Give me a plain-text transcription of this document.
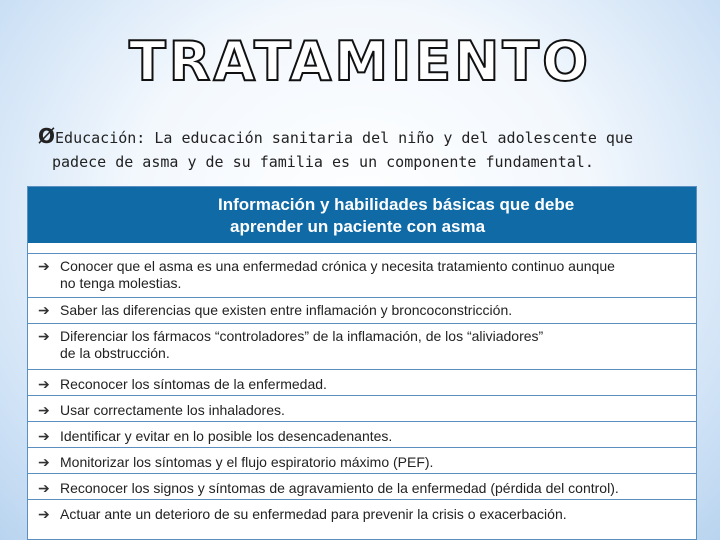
TRATAMIENTO
ØEducación: La educación sanitaria del niño y del adolescente que
padece de asma y de su familia es un componente fundamental.
Información y habilidades básicas que debe
aprender un paciente con asma
➔ Conocer que el asma es una enfermedad crónica y necesita tratamiento continuo aunque
no tenga molestias.
➔ Saber las diferencias que existen entre inflamación y broncoconstricción.
➔ Diferenciar los fármacos “controladores” de la inflamación, de los “aliviadores”
de la obstrucción.
➔ Reconocer los síntomas de la enfermedad.
➔ Usar correctamente los inhaladores.
➔ Identificar y evitar en lo posible los desencadenantes.
➔ Monitorizar los síntomas y el flujo espiratorio máximo (PEF).
➔ Reconocer los signos y síntomas de agravamiento de la enfermedad (pérdida del control).
➔ Actuar ante un deterioro de su enfermedad para prevenir la crisis o exacerbación.
